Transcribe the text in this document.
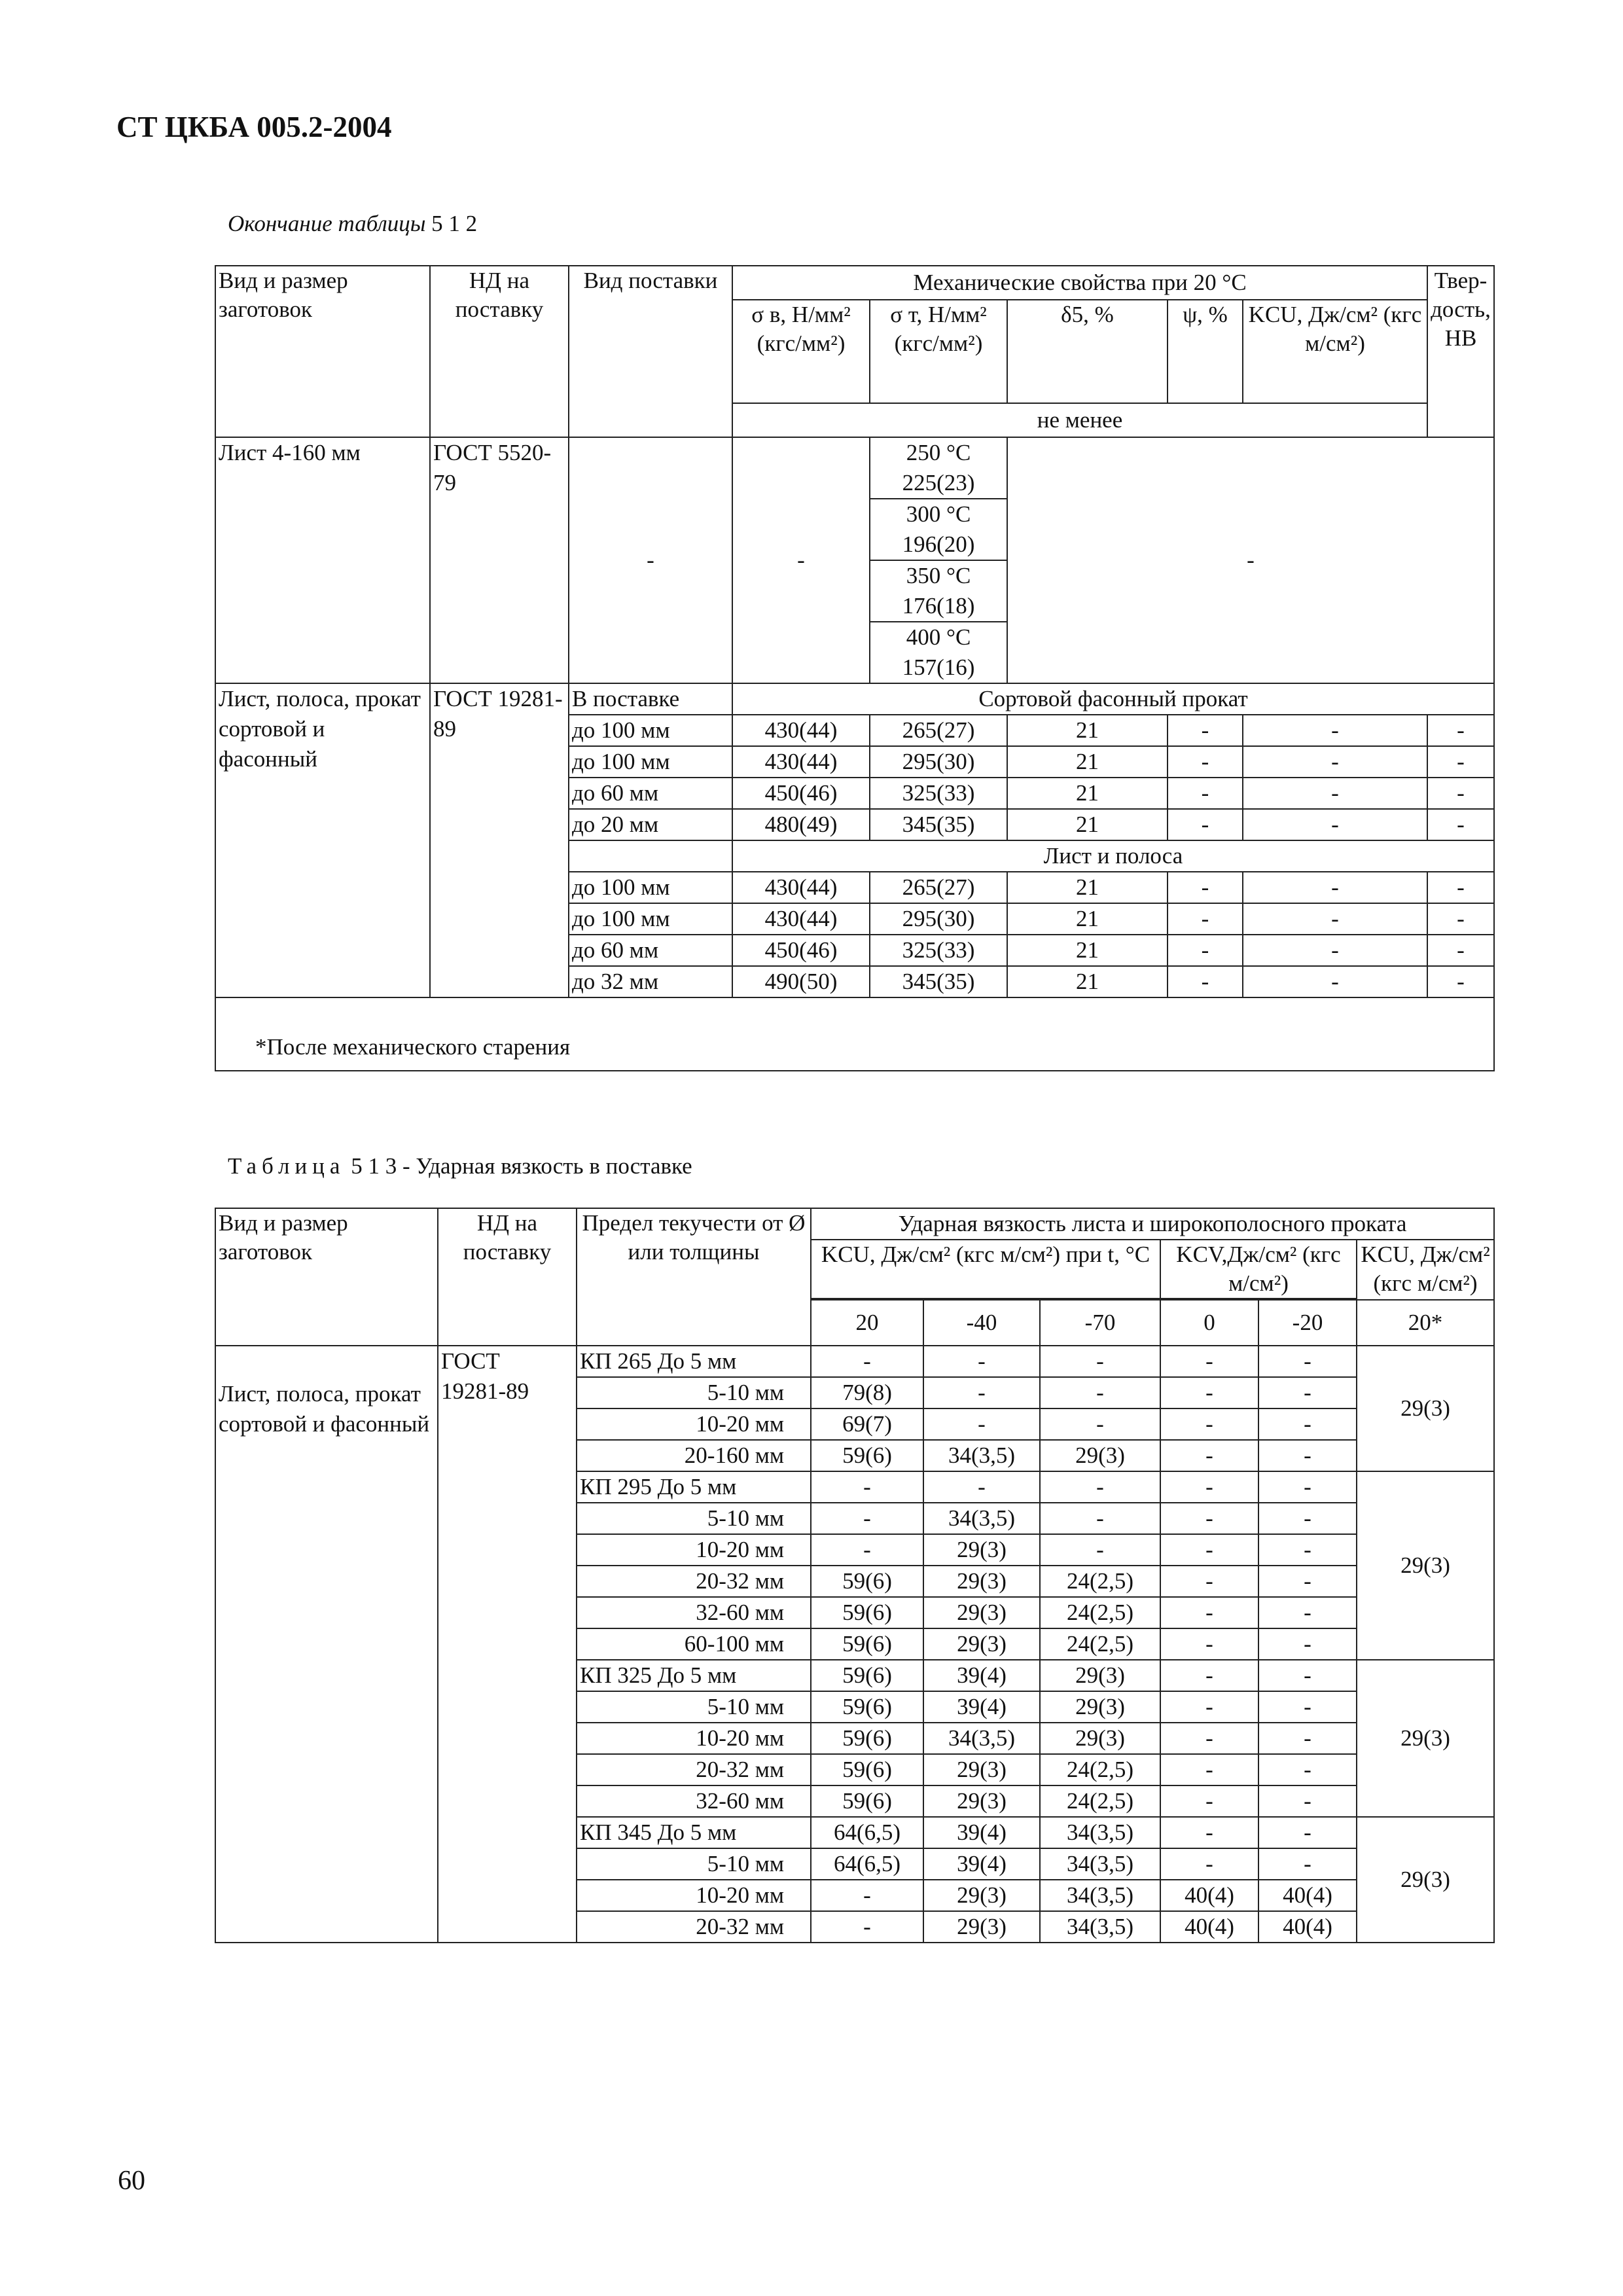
СТ ЦКБА 005.2-2004
Окончание таблицы 5 1 2
Вид и размер заготовок	НД на поставку	Вид поставки	Механические свойства при 20 °С					Твер-дость, НВ
			σ в, Н/мм² (кгс/мм²)	σ т, Н/мм² (кгс/мм²)	δ5, %	ψ, %	KCU, Дж/см² (кгс м/см²)	
			не менее					
Лист 4-160 мм	ГОСТ 5520-79	-	-	250 °С
225(23)	-			
				300 °С
196(20)				
				350 °С
176(18)				
				400 °С
157(16)				
Лист, полоса, прокат сортовой и фасонный	ГОСТ 19281-89	В поставке	Сортовой фасонный прокат					
		до 100 мм	430(44)	265(27)	21	-	-	-
		до 100 мм	430(44)	295(30)	21	-	-	-
		до 60 мм	450(46)	325(33)	21	-	-	-
		до 20 мм	480(49)	345(35)	21	-	-	-
			Лист и полоса					
		до 100 мм	430(44)	265(27)	21	-	-	-
		до 100 мм	430(44)	295(30)	21	-	-	-
		до 60 мм	450(46)	325(33)	21	-	-	-
		до 32 мм	490(50)	345(35)	21	-	-	-
*После механического старения								
Таблица 5 1 3 - Ударная вязкость в поставке
Вид и размер заготовок	НД на поставку	Предел текучести от Ø или толщины	Ударная вязкость листа и широкополосного проката					
			KCU, Дж/см² (кгс м/см²) при t, °С			KCV,Дж/см² (кгс м/см²)		KCU, Дж/см² (кгс м/см²)

			20	-40	-70	0	-20	20*
Лист, полоса, прокат сортовой и фасонный	ГОСТ
19281-89	КП 265 До 5 мм	-	-	-	-	-	29(3)
		5-10 мм	79(8)	-	-	-	-	
		10-20 мм	69(7)	-	-	-	-	
		20-160 мм	59(6)	34(3,5)	29(3)	-	-	
		КП 295 До 5 мм	-	-	-	-	-	29(3)
		5-10 мм	-	34(3,5)	-	-	-	
		10-20 мм	-	29(3)	-	-	-	
		20-32 мм	59(6)	29(3)	24(2,5)	-	-	
		32-60 мм	59(6)	29(3)	24(2,5)	-	-	
		60-100 мм	59(6)	29(3)	24(2,5)	-	-	
		КП 325 До 5 мм	59(6)	39(4)	29(3)	-	-	29(3)
		5-10 мм	59(6)	39(4)	29(3)	-	-	
		10-20 мм	59(6)	34(3,5)	29(3)	-	-	
		20-32 мм	59(6)	29(3)	24(2,5)	-	-	
		32-60 мм	59(6)	29(3)	24(2,5)	-	-	
		КП 345 До 5 мм	64(6,5)	39(4)	34(3,5)	-	-	29(3)
		5-10 мм	64(6,5)	39(4)	34(3,5)	-	-	
		10-20 мм	-	29(3)	34(3,5)	40(4)	40(4)	
		20-32 мм	-	29(3)	34(3,5)	40(4)	40(4)	
60
